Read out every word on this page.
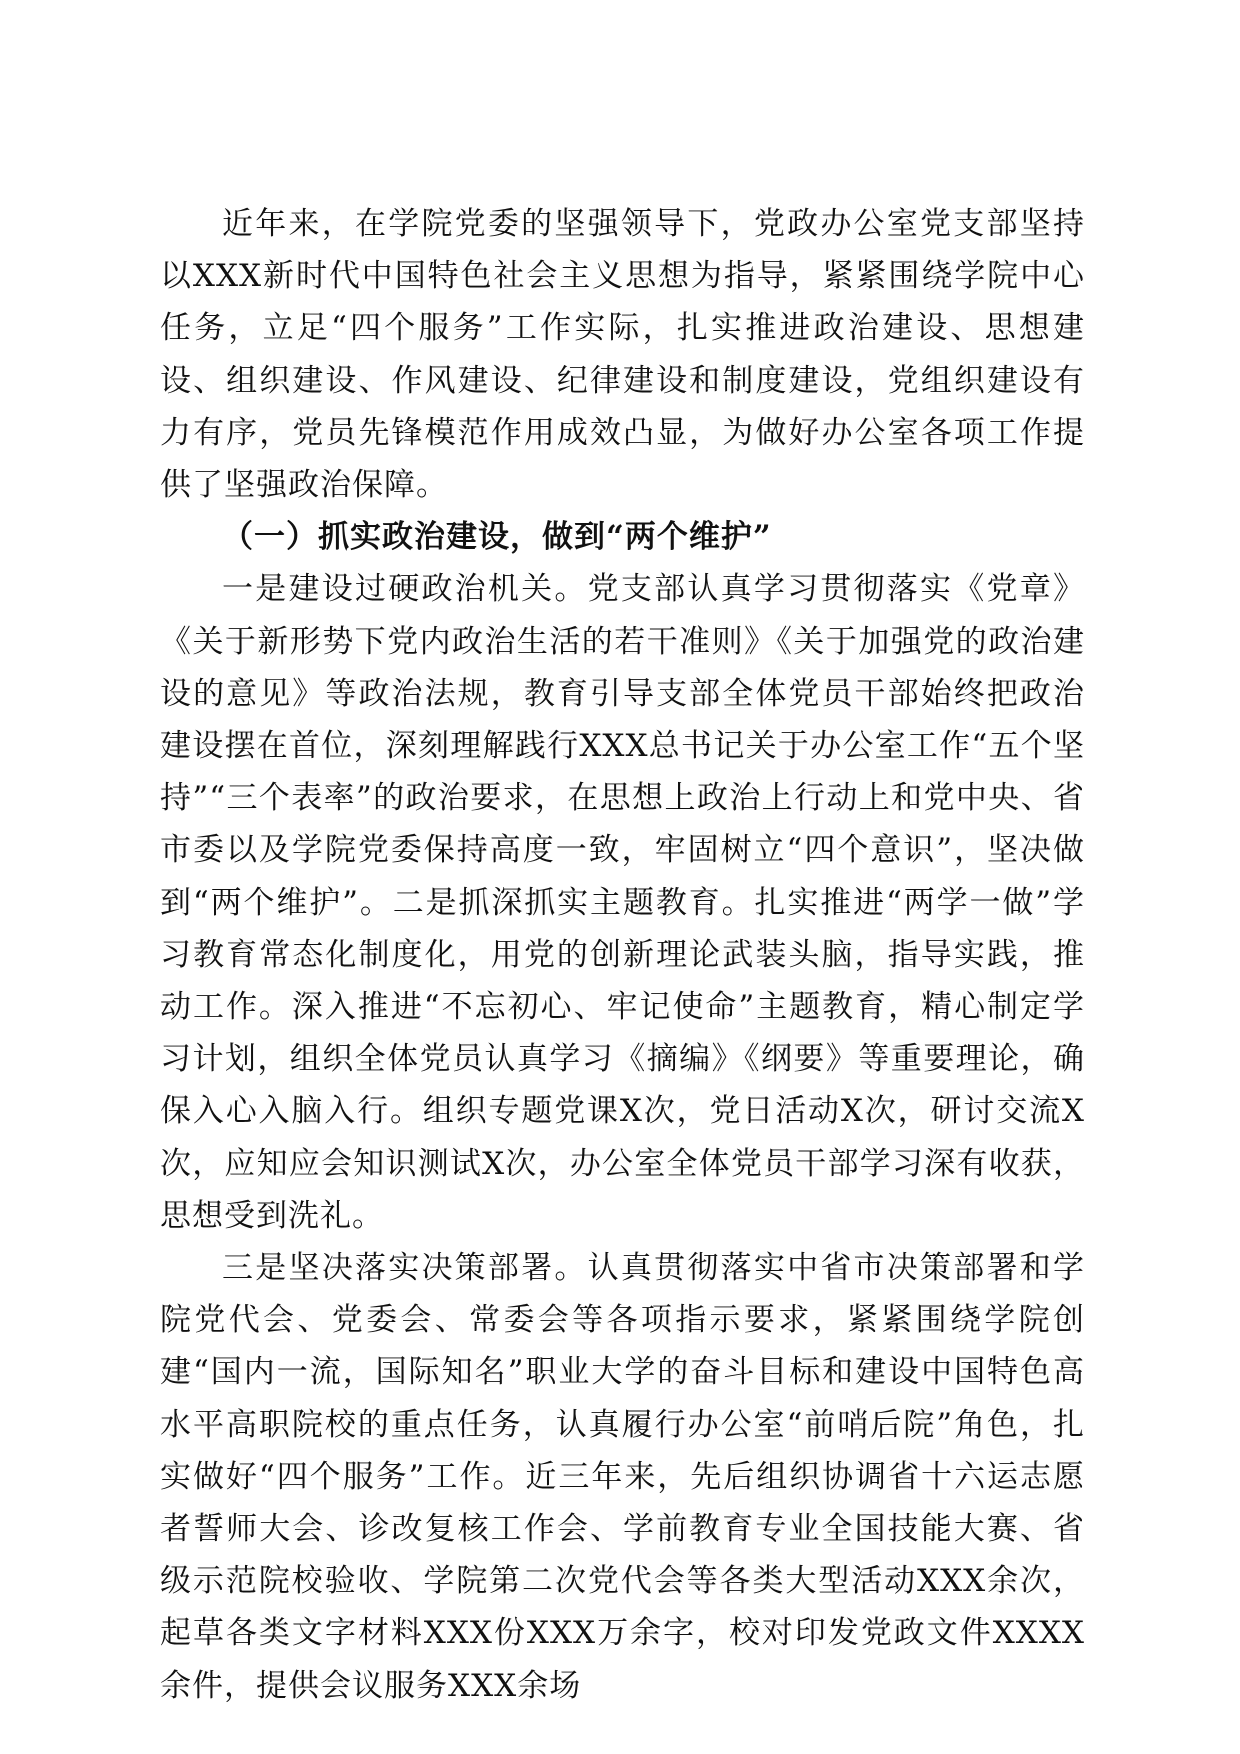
近年来，在学院党委的坚强领导下，党政办公室党支部坚持以XXX新时代中国特色社会主义思想为指导，紧紧围绕学院中心任务，立足“四个服务”工作实际，扎实推进政治建设、思想建设、组织建设、作风建设、纪律建设和制度建设，党组织建设有力有序，党员先锋模范作用成效凸显，为做好办公室各项工作提供了坚强政治保障。

（一）抓实政治建设，做到“两个维护”

一是建设过硬政治机关。党支部认真学习贯彻落实《党章》《关于新形势下党内政治生活的若干准则》《关于加强党的政治建设的意见》等政治法规，教育引导支部全体党员干部始终把政治建设摆在首位，深刻理解践行XXX总书记关于办公室工作“五个坚持”“三个表率”的政治要求，在思想上政治上行动上和党中央、省市委以及学院党委保持高度一致，牢固树立“四个意识”，坚决做到“两个维护”。二是抓深抓实主题教育。扎实推进“两学一做”学习教育常态化制度化，用党的创新理论武装头脑，指导实践，推动工作。深入推进“不忘初心、牢记使命”主题教育，精心制定学习计划，组织全体党员认真学习《摘编》《纲要》等重要理论，确保入心入脑入行。组织专题党课X次，党日活动X次，研讨交流X次，应知应会知识测试X次，办公室全体党员干部学习深有收获，思想受到洗礼。

三是坚决落实决策部署。认真贯彻落实中省市决策部署和学院党代会、党委会、常委会等各项指示要求，紧紧围绕学院创建“国内一流，国际知名”职业大学的奋斗目标和建设中国特色高水平高职院校的重点任务，认真履行办公室“前哨后院”角色，扎实做好“四个服务”工作。近三年来，先后组织协调省十六运志愿者誓师大会、诊改复核工作会、学前教育专业全国技能大赛、省级示范院校验收、学院第二次党代会等各类大型活动XXX余次，起草各类文字材料XXX份XXX万余字，校对印发党政文件XXXX余件，提供会议服务XXX余场
